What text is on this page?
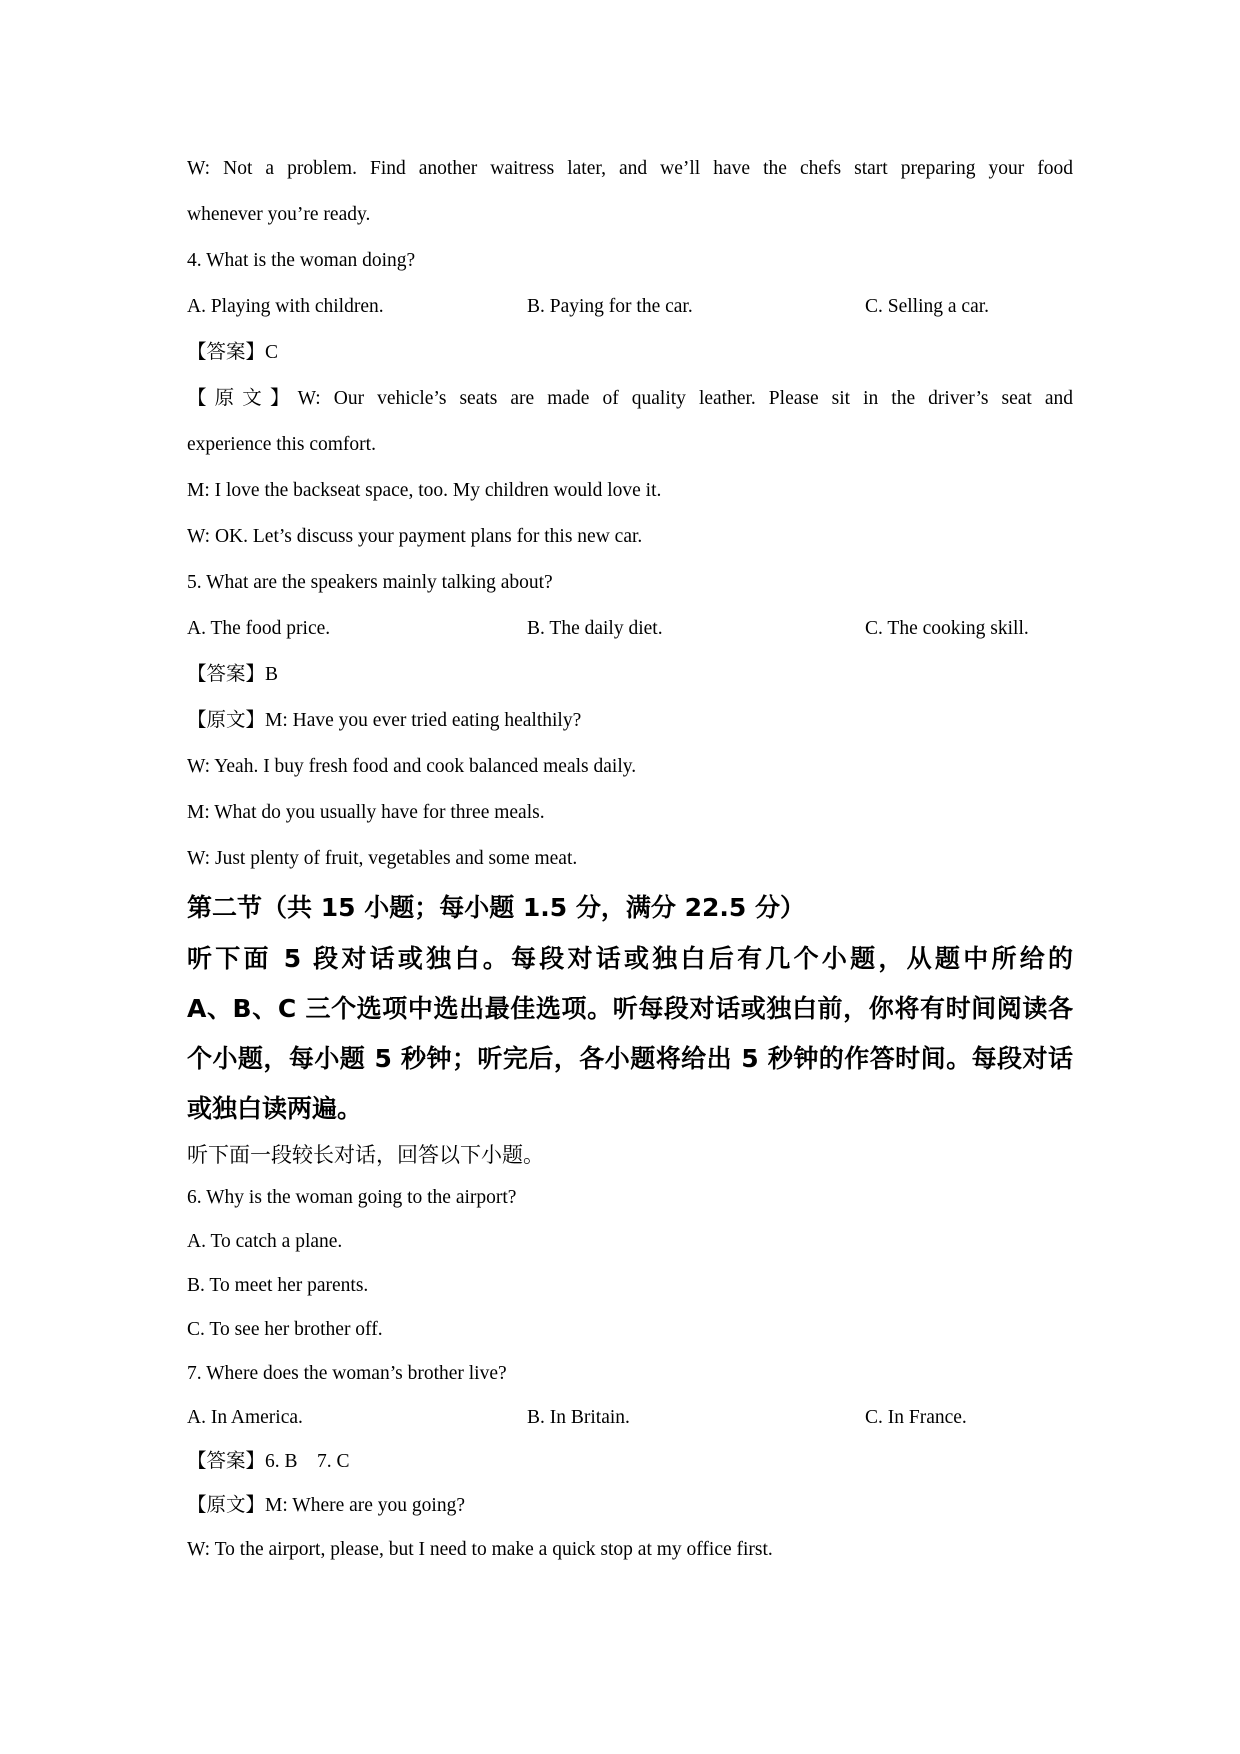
W: Not a problem. Find another waitress later, and we’ll have the chefs start preparing your food
whenever you’re ready.
4. What is the woman doing?
A. Playing with children.	B. Paying for the car.	C. Selling a car.
【答案】C
【原文】W: Our vehicle’s seats are made of quality leather. Please sit in the driver’s seat and
experience this comfort.
M: I love the backseat space, too. My children would love it.
W: OK. Let’s discuss your payment plans for this new car.
5. What are the speakers mainly talking about?
A. The food price.	B. The daily diet.	C. The cooking skill.
【答案】B
【原文】M: Have you ever tried eating healthily?
W: Yeah. I buy fresh food and cook balanced meals daily.
M: What do you usually have for three meals.
W: Just plenty of fruit, vegetables and some meat.
第二节（共 15 小题；每小题 1.5 分，满分 22.5 分）
听下面 5 段对话或独白。每段对话或独白后有几个小题，从题中所给的
A、B、C 三个选项中选出最佳选项。听每段对话或独白前，你将有时间阅读各
个小题，每小题 5 秒钟；听完后，各小题将给出 5 秒钟的作答时间。每段对话
或独白读两遍。
听下面一段较长对话，回答以下小题。
6. Why is the woman going to the airport?
A. To catch a plane.
B. To meet her parents.
C. To see her brother off.
7. Where does the woman’s brother live?
A. In America.	B. In Britain.	C. In France.
【答案】6. B    7. C
【原文】M: Where are you going?
W: To the airport, please, but I need to make a quick stop at my office first.
